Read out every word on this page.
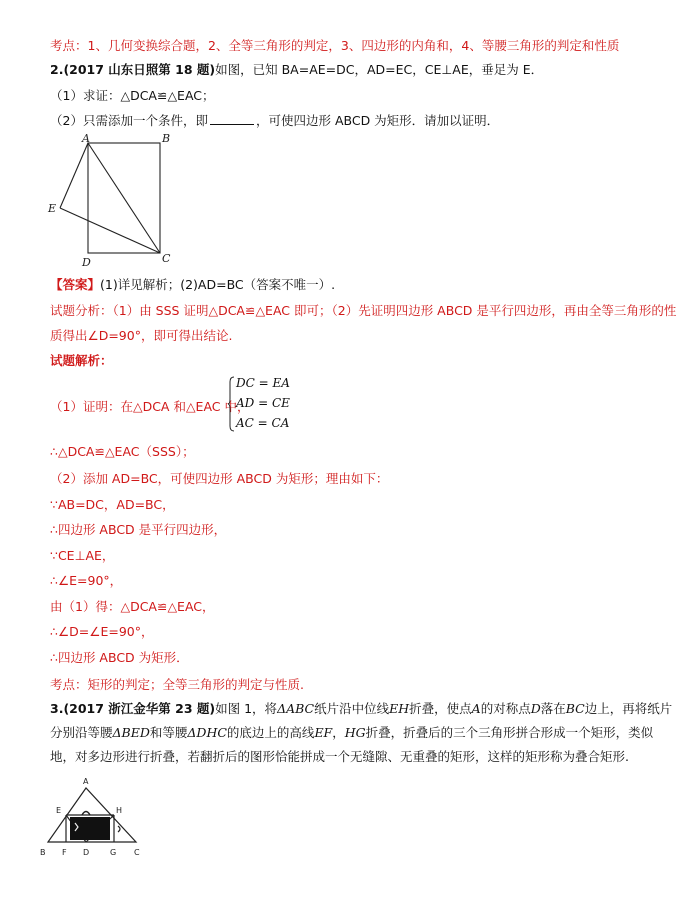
考点：1、几何变换综合题，2、全等三角形的判定，3、四边形的内角和，4、等腰三角形的判定和性质
2.(2017 山东日照第 18 题)如图，已知 BA=AE=DC，AD=EC，CE⊥AE，垂足为 E．
（1）求证：△DCA≌△EAC；
（2）只需添加一个条件，即	，可使四边形 ABCD 为矩形．请加以证明．
A	B
C
D
E
【答案】(1)详见解析；(2)AD=BC（答案不唯一）.
试题分析：（1）由 SSS 证明△DCA≌△EAC 即可；（2）先证明四边形 ABCD 是平行四边形，再由全等三角形的性
质得出∠D=90°，即可得出结论.
试题解析：
（1）证明：在△DCA 和△EAC 中，
DC = EA
AD = CE
AC = CA
∴△DCA≌△EAC（SSS）；
（2）添加 AD=BC，可使四边形 ABCD 为矩形；理由如下：
∵AB=DC，AD=BC，
∴四边形 ABCD 是平行四边形，
∵CE⊥AE，
∴∠E=90°，
由（1）得：△DCA≌△EAC，
∴∠D=∠E=90°，
∴四边形 ABCD 为矩形．
考点：矩形的判定；全等三角形的判定与性质.
3.(2017 浙江金华第 23 题)如图 1，将ΔABC纸片沿中位线EH折叠，使点A的对称点D落在BC边上，再将纸片
分别沿等腰ΔBED和等腰ΔDHC的底边上的高线EF，HG折叠，折叠后的三个三角形拼合形成一个矩形，类似
地，对多边形进行折叠，若翻折后的图形恰能拼成一个无缝隙、无重叠的矩形，这样的矩形称为叠合矩形.
A
E	H
B F D	G C
